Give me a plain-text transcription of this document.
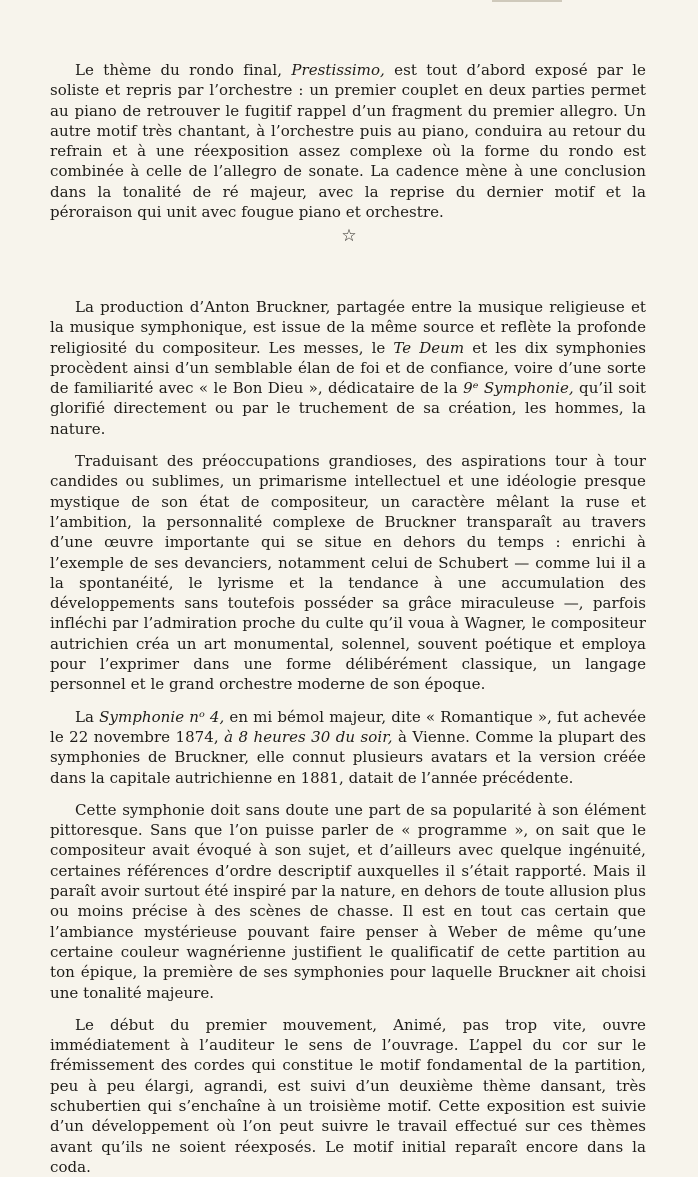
Le thème du rondo final, Prestissimo, est tout d’abord exposé par le soliste et repris par l’orchestre : un premier couplet en deux parties permet au piano de retrouver le fugitif rappel d’un fragment du premier allegro. Un autre motif très chantant, à l’orchestre puis au piano, conduira au retour du refrain et à une réexposition assez complexe où la forme du rondo est combinée à celle de l’allegro de sonate. La cadence mène à une conclusion dans la tonalité de ré majeur, avec la reprise du dernier motif et la péroraison qui unit avec fougue piano et orchestre.

☆

La production d’Anton Bruckner, partagée entre la musique religieuse et la musique symphonique, est issue de la même source et reflète la profonde religiosité du compositeur. Les messes, le Te Deum et les dix symphonies procèdent ainsi d’un semblable élan de foi et de confiance, voire d’une sorte de familiarité avec « le Bon Dieu », dédicataire de la 9ᵉ Symphonie, qu’il soit glorifié directement ou par le truchement de sa création, les hommes, la nature.

Traduisant des préoccupations grandioses, des aspirations tour à tour candides ou sublimes, un primarisme intellectuel et une idéologie presque mystique de son état de compositeur, un caractère mêlant la ruse et l’ambition, la personnalité complexe de Bruckner transparaît au travers d’une œuvre importante qui se situe en dehors du temps : enrichi à l’exemple de ses devanciers, notamment celui de Schubert — comme lui il a la spontanéité, le lyrisme et la tendance à une accumulation des développements sans toutefois posséder sa grâce miraculeuse —, parfois infléchi par l’admiration proche du culte qu’il voua à Wagner, le compositeur autrichien créa un art monumental, solennel, souvent poétique et employa pour l’exprimer dans une forme délibérément classique, un langage personnel et le grand orchestre moderne de son époque.

La Symphonie nᵒ 4, en mi bémol majeur, dite « Romantique », fut achevée le 22 novembre 1874, à 8 heures 30 du soir, à Vienne. Comme la plupart des symphonies de Bruckner, elle connut plusieurs avatars et la version créée dans la capitale autrichienne en 1881, datait de l’année précédente.

Cette symphonie doit sans doute une part de sa popularité à son élément pittoresque. Sans que l’on puisse parler de « programme », on sait que le compositeur avait évoqué à son sujet, et d’ailleurs avec quelque ingénuité, certaines références d’ordre descriptif auxquelles il s’était rapporté. Mais il paraît avoir surtout été inspiré par la nature, en dehors de toute allusion plus ou moins précise à des scènes de chasse. Il est en tout cas certain que l’ambiance mystérieuse pouvant faire penser à Weber de même qu’une certaine couleur wagnérienne justifient le qualificatif de cette partition au ton épique, la première de ses symphonies pour laquelle Bruckner ait choisi une tonalité majeure.

Le début du premier mouvement, Animé, pas trop vite, ouvre immédiatement à l’auditeur le sens de l’ouvrage. L’appel du cor sur le frémissement des cordes qui constitue le motif fondamental de la partition, peu à peu élargi, agrandi, est suivi d’un deuxième thème dansant, très schubertien qui s’enchaîne à un troisième motif. Cette exposition est suivie d’un développement où l’on peut suivre le travail effectué sur ces thèmes avant qu’ils ne soient réexposés. Le motif initial reparaît encore dans la coda.
